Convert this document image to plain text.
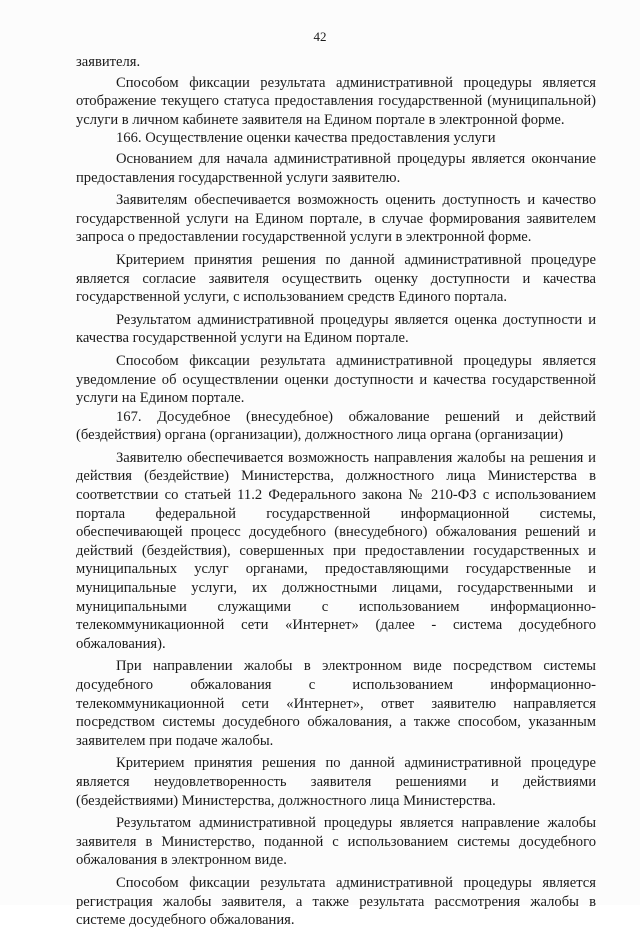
42

заявителя.

Способом фиксации результата административной процедуры является отображение текущего статуса предоставления государственной (муниципальной) услуги в личном кабинете заявителя на Едином портале в электронной форме.

166. Осуществление оценки качества предоставления услуги

Основанием для начала административной процедуры является окончание предоставления государственной услуги заявителю.

Заявителям обеспечивается возможность оценить доступность и качество государственной услуги на Едином портале, в случае формирования заявителем запроса о предоставлении государственной услуги в электронной форме.

Критерием принятия решения по данной административной процедуре является согласие заявителя осуществить оценку доступности и качества государственной услуги, с использованием средств Единого портала.

Результатом административной процедуры является оценка доступности и качества государственной услуги на Едином портале.

Способом фиксации результата административной процедуры является уведомление об осуществлении оценки доступности и качества государственной услуги на Едином портале.

167. Досудебное (внесудебное) обжалование решений и действий (бездействия) органа (организации), должностного лица органа (организации)

Заявителю обеспечивается возможность направления жалобы на решения и действия (бездействие) Министерства, должностного лица Министерства в соответствии со статьей 11.2 Федерального закона № 210-ФЗ с использованием портала федеральной государственной информационной системы, обеспечивающей процесс досудебного (внесудебного) обжалования решений и действий (бездействия), совершенных при предоставлении государственных и муниципальных услуг органами, предоставляющими государственные и муниципальные услуги, их должностными лицами, государственными и муниципальными служащими с использованием информационно-телекоммуникационной сети «Интернет» (далее - система досудебного обжалования).

При направлении жалобы в электронном виде посредством системы досудебного обжалования с использованием информационно-телекоммуникационной сети «Интернет», ответ заявителю направляется посредством системы досудебного обжалования, а также способом, указанным заявителем при подаче жалобы.

Критерием принятия решения по данной административной процедуре является неудовлетворенность заявителя решениями и действиями (бездействиями) Министерства, должностного лица Министерства.

Результатом административной процедуры является направление жалобы заявителя в Министерство, поданной с использованием системы досудебного обжалования в электронном виде.

Способом фиксации результата административной процедуры является регистрация жалобы заявителя, а также результата рассмотрения жалобы в системе досудебного обжалования.
